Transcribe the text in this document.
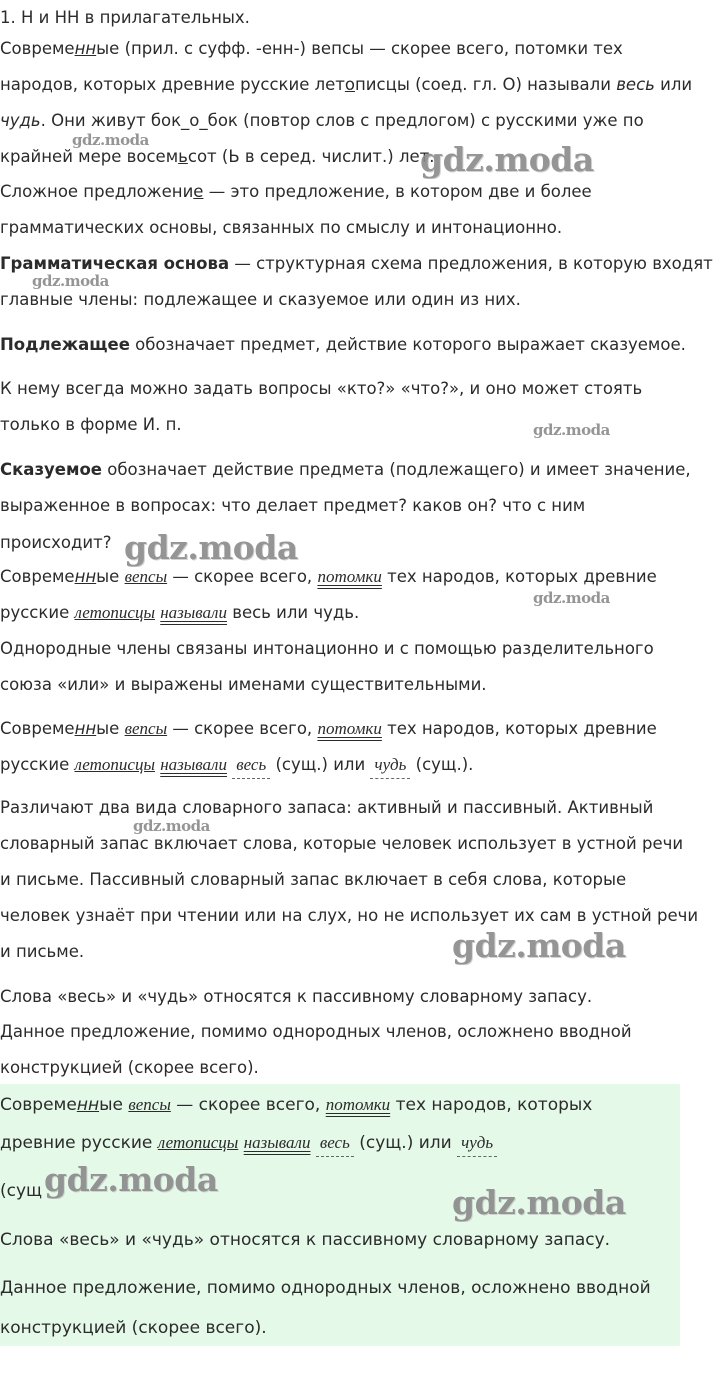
1. Н и НН в прилагательных.
Современные (прил. с суфф. -енн-) вепсы — скорее всего, потомки тех
народов, которых древние русские летописцы (соед. гл. О) называли весь или
чудь. Они живут бок_о_бок (повтор слов с предлогом) с русскими уже по
крайней мере восемьсот (Ь в серед. числит.) лет.
Сложное предложение — это предложение, в котором две и более
грамматических основы, связанных по смыслу и интонационно.
Грамматическая основа — структурная схема предложения, в которую входят
главные члены: подлежащее и сказуемое или один из них.
Подлежащее обозначает предмет, действие которого выражает сказуемое.
К нему всегда можно задать вопросы «кто?» «что?», и оно может стоять
только в форме И. п.
Сказуемое обозначает действие предмета (подлежащего) и имеет значение,
выраженное в вопросах: что делает предмет? каков он? что с ним
происходит?
Современные вепсы — скорее всего, потомки тех народов, которых древние
русские летописцы называли весь или чудь.
Однородные члены связаны интонационно и с помощью разделительного
союза «или» и выражены именами существительными.
Современные вепсы — скорее всего, потомки тех народов, которых древние
русские летописцы называли весь (сущ.) или чудь (сущ.).
Различают два вида словарного запаса: активный и пассивный. Активный
словарный запас включает слова, которые человек использует в устной речи
и письме. Пассивный словарный запас включает в себя слова, которые
человек узнаёт при чтении или на слух, но не использует их сам в устной речи
и письме.
Слова «весь» и «чудь» относятся к пассивному словарному запасу.
Данное предложение, помимо однородных членов, осложнено вводной
конструкцией (скорее всего).
Современные вепсы — скорее всего, потомки тех народов, которых
древние русские летописцы называли весь (сущ.) или чудь
(сущ
Слова «весь» и «чудь» относятся к пассивному словарному запасу.
Данное предложение, помимо однородных членов, осложнено вводной
конструкцией (скорее всего).
gdz.moda	gdz.moda
gdz.moda
gdz.moda
gdz.moda
gdz.moda
gdz.moda
gdz.moda
gdz.moda
gdz.moda
